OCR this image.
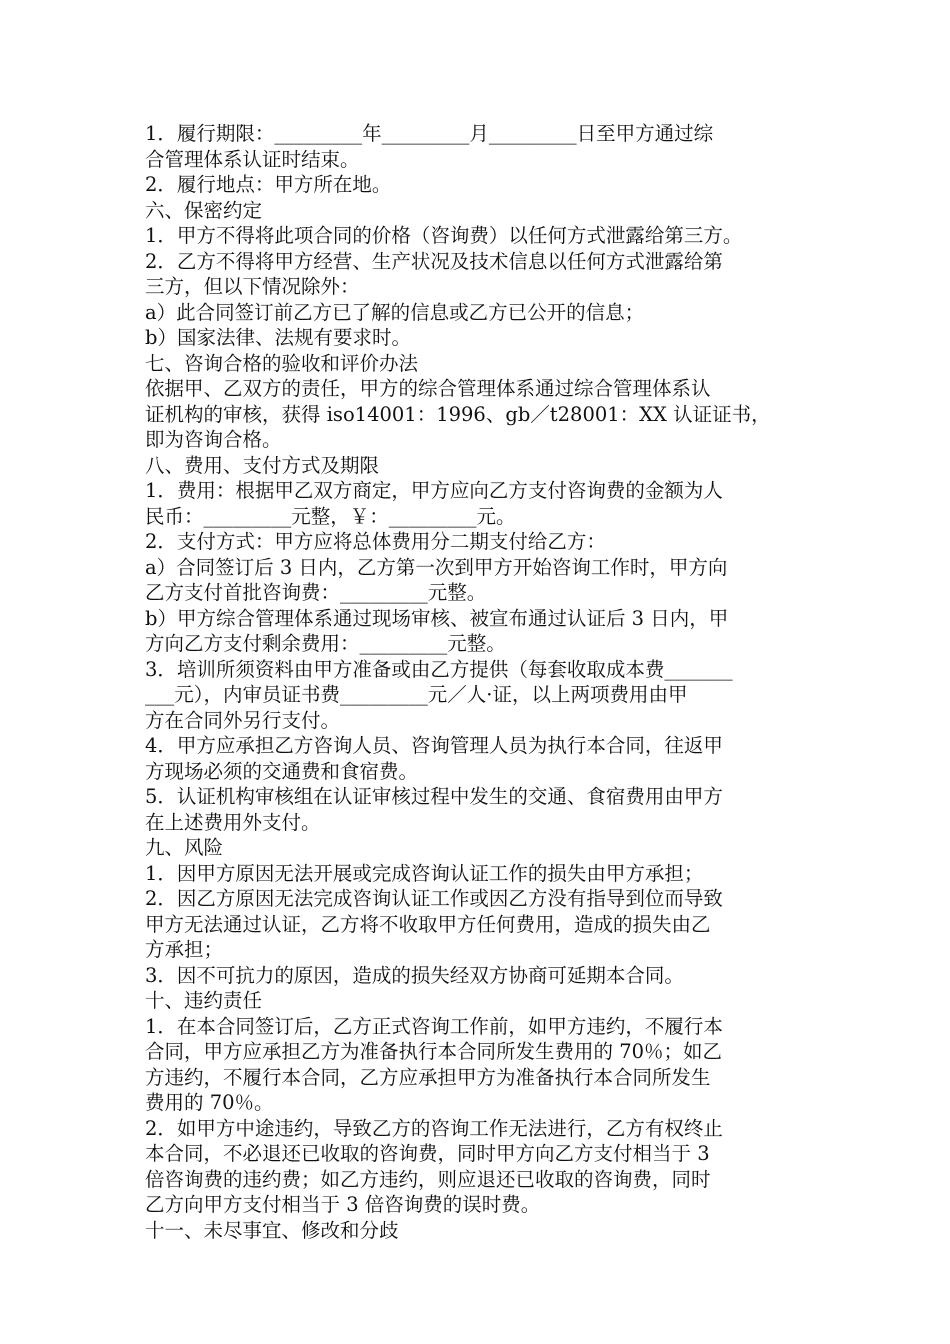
1．履行期限：_________年_________月_________日至甲方通过综
合管理体系认证时结束。
2．履行地点：甲方所在地。
六、保密约定
1．甲方不得将此项合同的价格（咨询费）以任何方式泄露给第三方。
2．乙方不得将甲方经营、生产状况及技术信息以任何方式泄露给第
三方，但以下情况除外：
a）此合同签订前乙方已了解的信息或乙方已公开的信息；
b）国家法律、法规有要求时。
七、咨询合格的验收和评价办法
依据甲、乙双方的责任，甲方的综合管理体系通过综合管理体系认
证机构的审核，获得 iso14001：1996、gb／t28001：XX 认证证书，
即为咨询合格。
八、费用、支付方式及期限
1．费用：根据甲乙双方商定，甲方应向乙方支付咨询费的金额为人
民币：_________元整，￥：_________元。
2．支付方式：甲方应将总体费用分二期支付给乙方：
a）合同签订后 3 日内，乙方第一次到甲方开始咨询工作时，甲方向
乙方支付首批咨询费：_________元整。
b）甲方综合管理体系通过现场审核、被宣布通过认证后 3 日内，甲
方向乙方支付剩余费用：_________元整。
3．培训所须资料由甲方准备或由乙方提供（每套收取成本费_______
___元），内审员证书费_________元／人·证，以上两项费用由甲
方在合同外另行支付。
4．甲方应承担乙方咨询人员、咨询管理人员为执行本合同，往返甲
方现场必须的交通费和食宿费。
5．认证机构审核组在认证审核过程中发生的交通、食宿费用由甲方
在上述费用外支付。
九、风险
1．因甲方原因无法开展或完成咨询认证工作的损失由甲方承担；
2．因乙方原因无法完成咨询认证工作或因乙方没有指导到位而导致
甲方无法通过认证，乙方将不收取甲方任何费用，造成的损失由乙
方承担；
3．因不可抗力的原因，造成的损失经双方协商可延期本合同。
十、违约责任
1．在本合同签订后，乙方正式咨询工作前，如甲方违约，不履行本
合同，甲方应承担乙方为准备执行本合同所发生费用的 70％；如乙
方违约，不履行本合同，乙方应承担甲方为准备执行本合同所发生
费用的 70％。
2．如甲方中途违约，导致乙方的咨询工作无法进行，乙方有权终止
本合同，不必退还已收取的咨询费，同时甲方向乙方支付相当于 3
倍咨询费的违约费；如乙方违约，则应退还已收取的咨询费，同时
乙方向甲方支付相当于 3 倍咨询费的误时费。
十一、未尽事宜、修改和分歧
